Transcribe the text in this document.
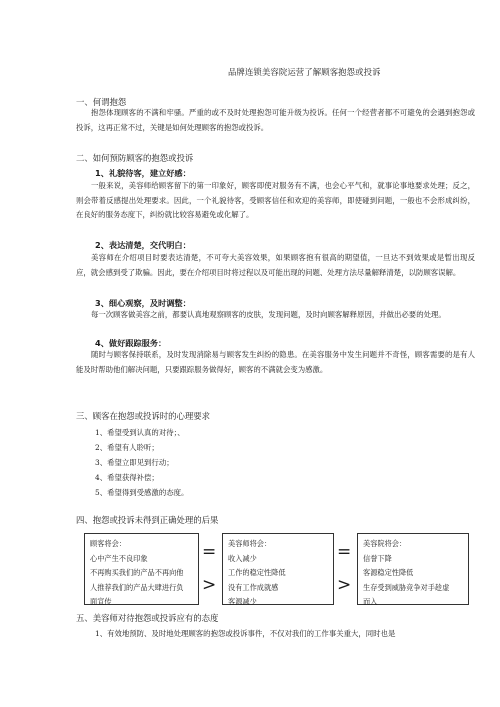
品牌连锁美容院运营了解顾客抱怨或投诉
一、何谓抱怨

抱怨体现顾客的不满和牢骚。严重的或不及时处理抱怨可能升级为投诉。任何一个经营者都不可避免的会遇到抱怨或投诉，这再正常不过，关键是如何处理顾客的抱怨或投诉。

二、如何预防顾客的抱怨或投诉
1、礼貌待客，建立好感：

一般来说，美容师给顾客留下的第一印象好，顾客即使对服务有不满，也会心平气和，就事论事地要求处理；反之，则会带着反感提出处理要求。因此，一个礼貌待客，受顾客信任和欢迎的美容师，即使碰到问题，一般也不会形成纠纷，在良好的服务态度下，纠纷就比较容易避免或化解了。

2、表达清楚，交代明白：

美容师在介绍项目时要表达清楚，不可夸大美容效果，如果顾客抱有很高的期望值，一旦达不到效果或是暂出现反应，就会感到受了欺骗。因此，要在介绍项目时将过程以及可能出现的问题、处理方法尽量解释清楚，以防顾客误解。

3、细心观察，及时调整：

每一次顾客做美容之前，都要认真地观察顾客的皮肤，发现问题，及时向顾客解释原因，并做出必要的处理。

4、做好跟踪服务：

随时与顾客保持联系，及时发现消除易与顾客发生纠纷的隐患。在美容服务中发生问题并不奇怪，顾客需要的是有人能及时帮助他们解决问题，只要跟踪服务做得好，顾客的不满就会变为感激。

三、顾客在抱怨或投诉时的心理要求
1、希望受到认真的对待；、
2、希望有人聆听；
3、希望立即见到行动；
4、希望获得补偿；
5、希望得到受感激的态度。
四、抱怨或投诉未得到正确处理的后果
顾客将会：
心中产生不良印象
不再购买我们的产品不再向他
人推荐我们的产品大肆进行负
面宣传
=
>
美容师将会：
收入减少
工作的稳定性降低
没有工作成就感
客源减少
=
>
美容院将会：
信誉下降
客源稳定性降低
生存受到威胁竞争对手趁虚
而入
五、美容师对待抱怨或投诉应有的态度
1、有效地预防、及时地处理顾客的抱怨或投诉事件，不仅对我们的工作事关重大，同时也是
